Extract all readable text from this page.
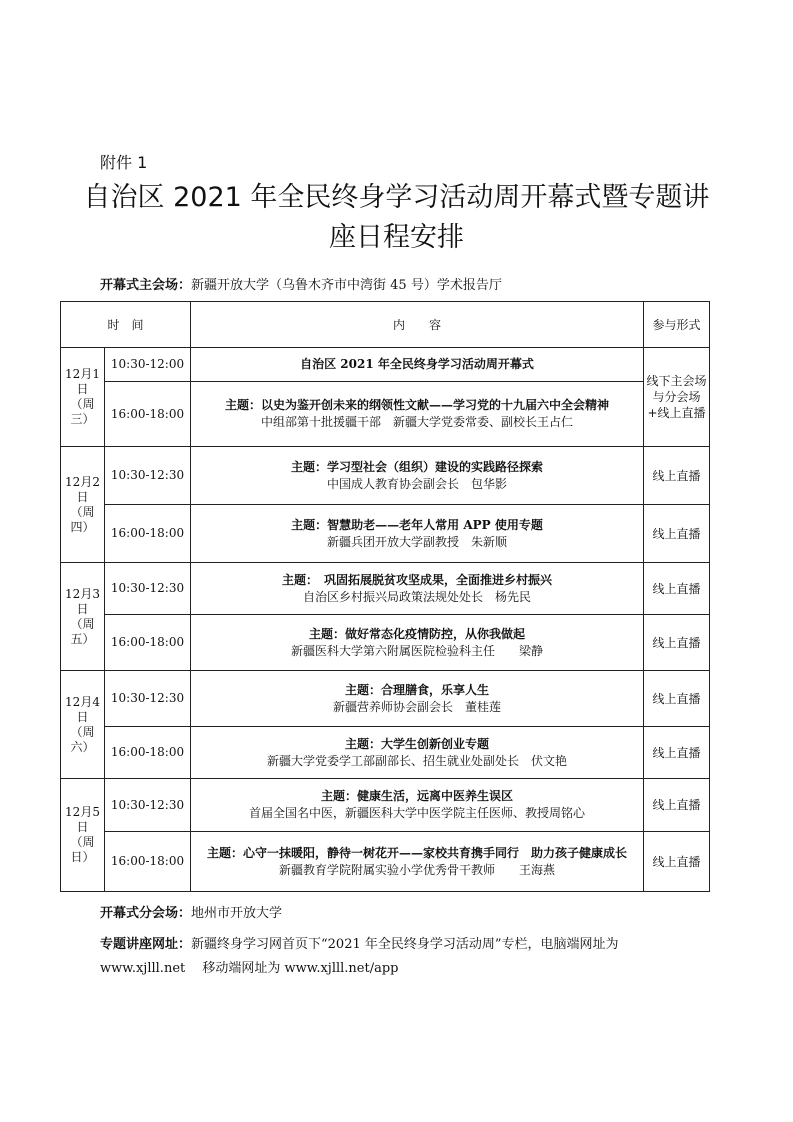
附件 1
自治区 2021 年全民终身学习活动周开幕式暨专题讲
座日程安排
开幕式主会场：新疆开放大学（乌鲁木齐市中湾街 45 号）学术报告厅
时　间		内　　容	参与形式
12月1日（周三）	10:30-12:00	自治区 2021 年全民终身学习活动周开幕式	线下主会场与分会场+线上直播
	16:00-18:00	主题：以史为鉴开创未来的纲领性文献——学习党的十九届六中全会精神
中组部第十批援疆干部　新疆大学党委常委、副校长王占仁	

12月2日（周四）	10:30-12:30	主题：学习型社会（组织）建设的实践路径探索
中国成人教育协会副会长　包华影	线上直播
	16:00-18:00	主题：智慧助老——老年人常用 APP 使用专题
新疆兵团开放大学副教授　朱新顺	线上直播
12月3日（周五）	10:30-12:30	主题：　巩固拓展脱贫攻坚成果，全面推进乡村振兴
自治区乡村振兴局政策法规处处长　杨先民	线上直播
	16:00-18:00	主题：做好常态化疫情防控，从你我做起
新疆医科大学第六附属医院检验科主任　　梁静	线上直播
12月4日（周六）	10:30-12:30	主题：合理膳食，乐享人生
新疆营养师协会副会长　董桂莲	线上直播
	16:00-18:00	主题：大学生创新创业专题
新疆大学党委学工部副部长、招生就业处副处长　伏文艳	线上直播
12月5日（周日）	10:30-12:30	主题：健康生活，远离中医养生误区
首届全国名中医，新疆医科大学中医学院主任医师、教授周铭心	线上直播
	16:00-18:00	主题：心守一抹暖阳，静待一树花开——家校共育携手同行　助力孩子健康成长
新疆教育学院附属实验小学优秀骨干教师　　王海燕	线上直播
开幕式分会场：地州市开放大学
专题讲座网址：新疆终身学习网首页下“2021 年全民终身学习活动周”专栏，电脑端网址为
www.xjlll.net　 移动端网址为 www.xjlll.net/app
